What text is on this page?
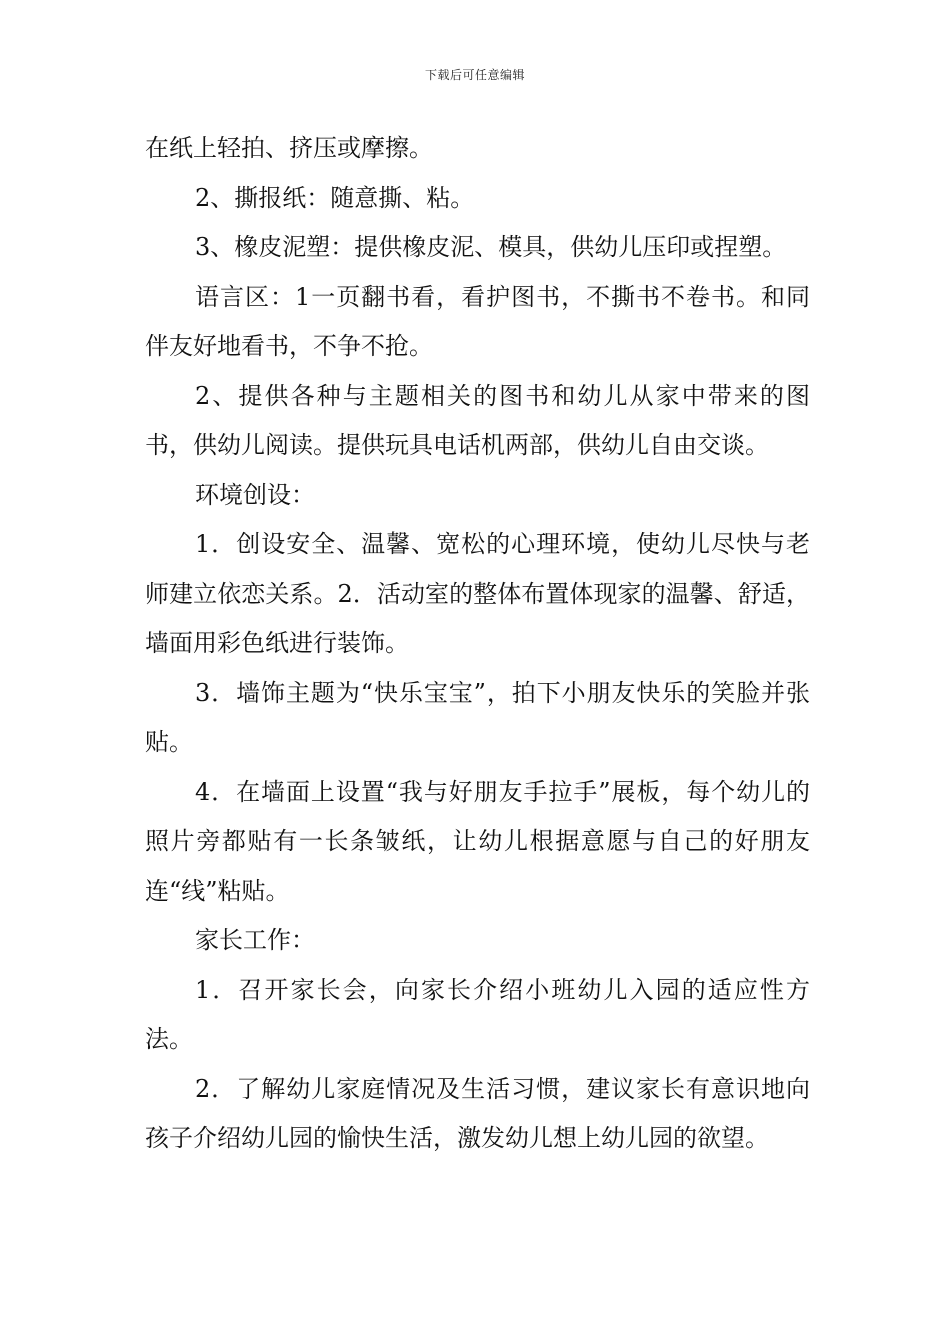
下载后可任意编辑

在纸上轻拍、挤压或摩擦。

2、撕报纸：随意撕、粘。

3、橡皮泥塑：提供橡皮泥、模具，供幼儿压印或捏塑。

语言区：1一页翻书看，看护图书，不撕书不卷书。和同伴友好地看书，不争不抢。

2、提供各种与主题相关的图书和幼儿从家中带来的图书，供幼儿阅读。提供玩具电话机两部，供幼儿自由交谈。

环境创设：

1．创设安全、温馨、宽松的心理环境，使幼儿尽快与老师建立依恋关系。2．活动室的整体布置体现家的温馨、舒适，墙面用彩色纸进行装饰。

3．墙饰主题为“快乐宝宝”，拍下小朋友快乐的笑脸并张贴。

4．在墙面上设置“我与好朋友手拉手”展板，每个幼儿的照片旁都贴有一长条皱纸，让幼儿根据意愿与自己的好朋友连“线”粘贴。

家长工作：

1．召开家长会，向家长介绍小班幼儿入园的适应性方法。

2．了解幼儿家庭情况及生活习惯，建议家长有意识地向孩子介绍幼儿园的愉快生活，激发幼儿想上幼儿园的欲望。
